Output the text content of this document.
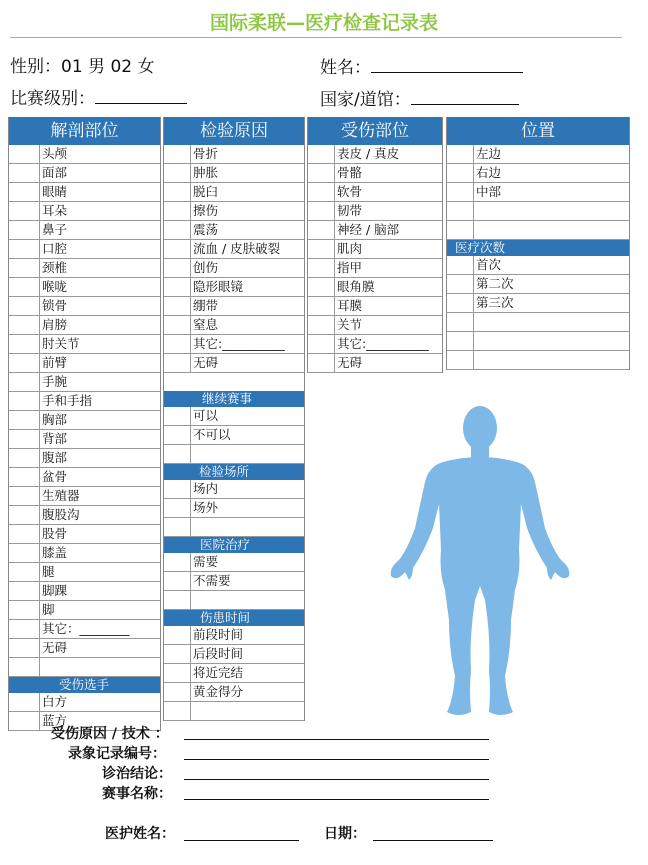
国际柔联—医疗检查记录表
性别：01 男 02 女	姓名：
比赛级别：	国家/道馆：
解剖部位
头颅
面部
眼睛
耳朵
鼻子
口腔
颈椎
喉咙
锁骨
肩膀
肘关节
前臂
手腕
手和手指
胸部
背部
腹部
盆骨
生殖器
腹股沟
股骨
膝盖
腿
脚踝
脚
其它：________
无碍
受伤选手
白方
蓝方
检验原因
骨折
肿胀
脱臼
擦伤
震荡
流血 / 皮肤破裂
创伤
隐形眼镜
绷带
窒息
其它:__________
无碍
继续赛事
可以
不可以
检验场所
场内
场外
医院治疗
需要
不需要
伤患时间
前段时间
后段时间
将近完结
黄金得分
受伤部位
表皮 / 真皮
骨骼
软骨
韧带
神经 / 脑部
肌肉
指甲
眼角膜
耳膜
关节
其它:__________
无碍
位置
左边
右边
中部
医疗次数
首次
第二次
第三次
受伤原因 / 技术 ：
录象记录编号：
诊治结论：
赛事名称：
医护姓名：	日期：
